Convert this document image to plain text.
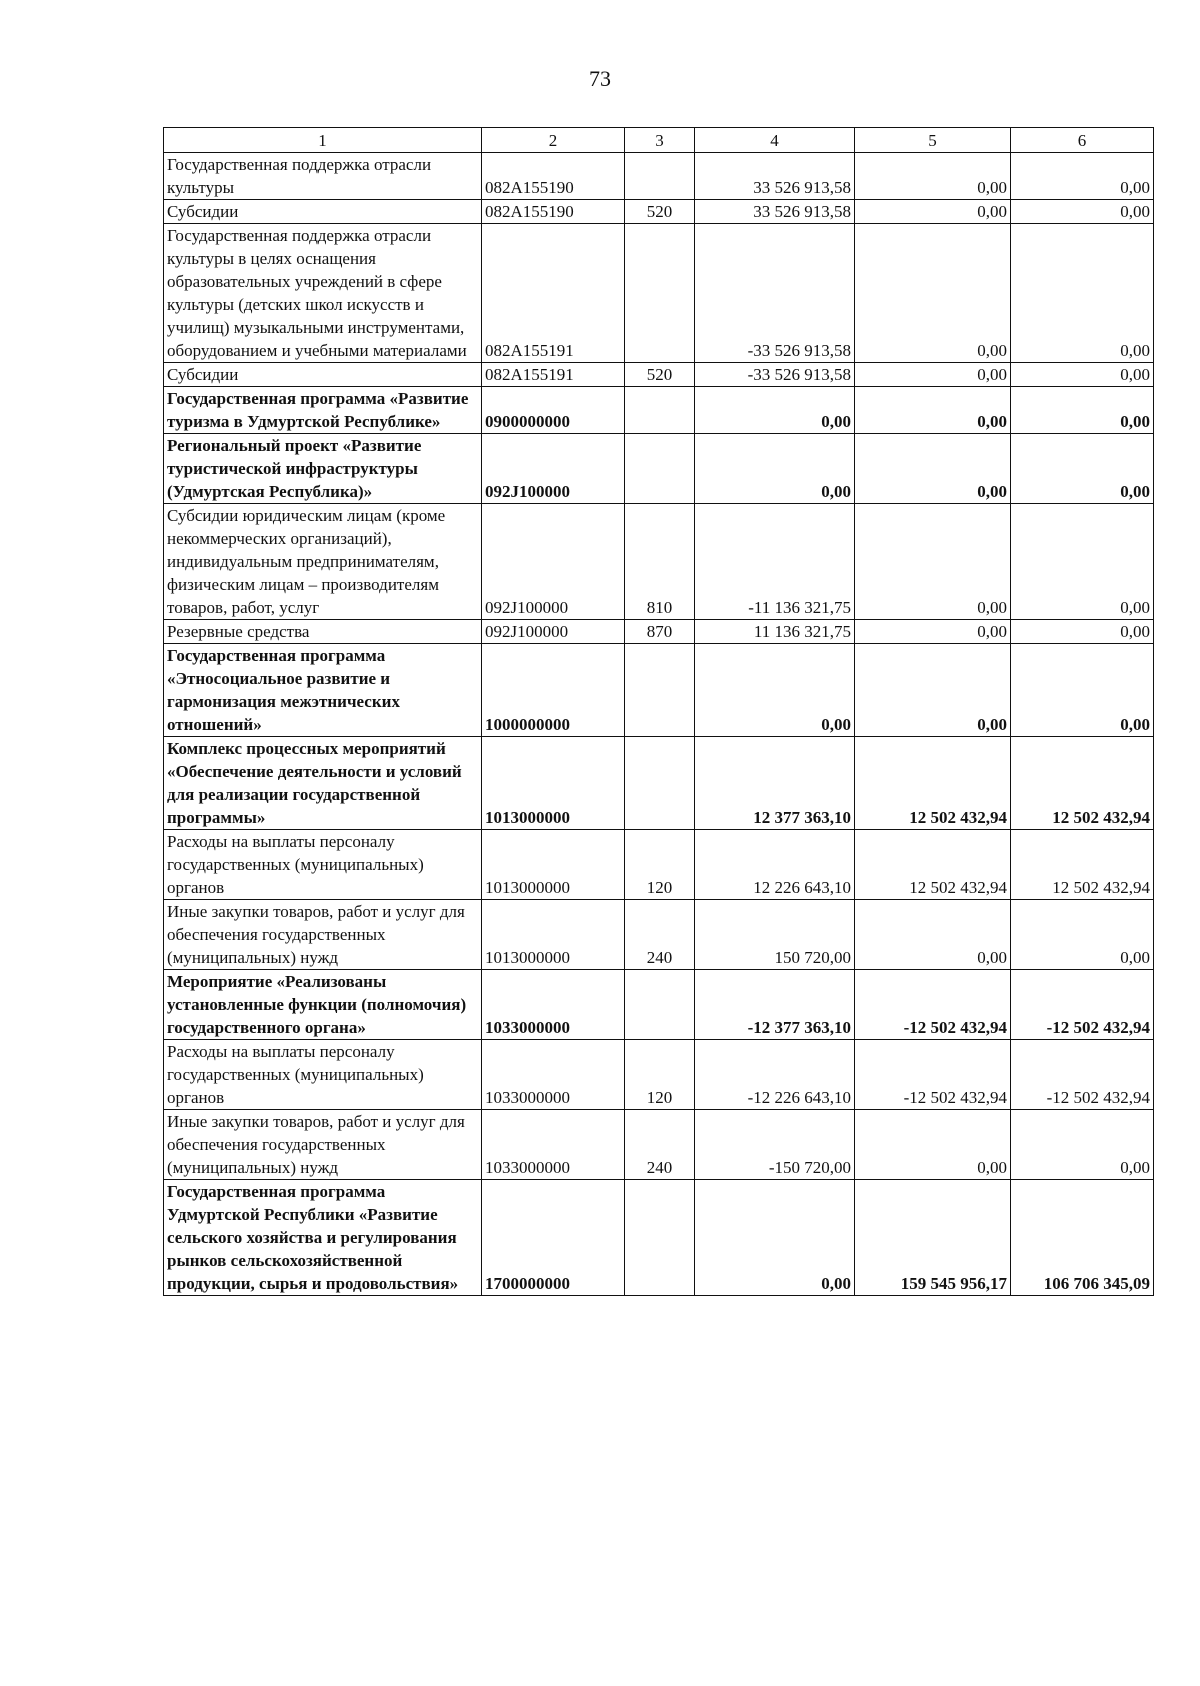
73
1	2	3	4	5	6
Государственная поддержка отрасли культуры	082A155190		33 526 913,58	0,00	0,00
Субсидии	082A155190	520	33 526 913,58	0,00	0,00
Государственная поддержка отрасли культуры в целях оснащения образовательных учреждений в сфере культуры (детских школ искусств и училищ) музыкальными инструментами, оборудованием и учебными материалами	082A155191		-33 526 913,58	0,00	0,00
Субсидии	082A155191	520	-33 526 913,58	0,00	0,00
Государственная программа «Развитие туризма в Удмуртской Республике»	0900000000		0,00	0,00	0,00
Региональный проект «Развитие туристической инфраструктуры (Удмуртская Республика)»	092J100000		0,00	0,00	0,00
Субсидии юридическим лицам (кроме некоммерческих организаций), индивидуальным предпринимателям, физическим лицам – производителям товаров, работ, услуг	092J100000	810	-11 136 321,75	0,00	0,00
Резервные средства	092J100000	870	11 136 321,75	0,00	0,00
Государственная программа «Этносоциальное развитие и гармонизация межэтнических отношений»	1000000000		0,00	0,00	0,00
Комплекс процессных мероприятий «Обеспечение деятельности и условий для реализации государственной программы»	1013000000		12 377 363,10	12 502 432,94	12 502 432,94
Расходы на выплаты персоналу государственных (муниципальных) органов	1013000000	120	12 226 643,10	12 502 432,94	12 502 432,94
Иные закупки товаров, работ и услуг для обеспечения государственных (муниципальных) нужд	1013000000	240	150 720,00	0,00	0,00
Мероприятие «Реализованы установленные функции (полномочия) государственного органа»	1033000000		-12 377 363,10	-12 502 432,94	-12 502 432,94
Расходы на выплаты персоналу государственных (муниципальных) органов	1033000000	120	-12 226 643,10	-12 502 432,94	-12 502 432,94
Иные закупки товаров, работ и услуг для обеспечения государственных (муниципальных) нужд	1033000000	240	-150 720,00	0,00	0,00
Государственная программа Удмуртской Республики «Развитие сельского хозяйства и регулирования рынков сельскохозяйственной продукции, сырья и продовольствия»	1700000000		0,00	159 545 956,17	106 706 345,09
